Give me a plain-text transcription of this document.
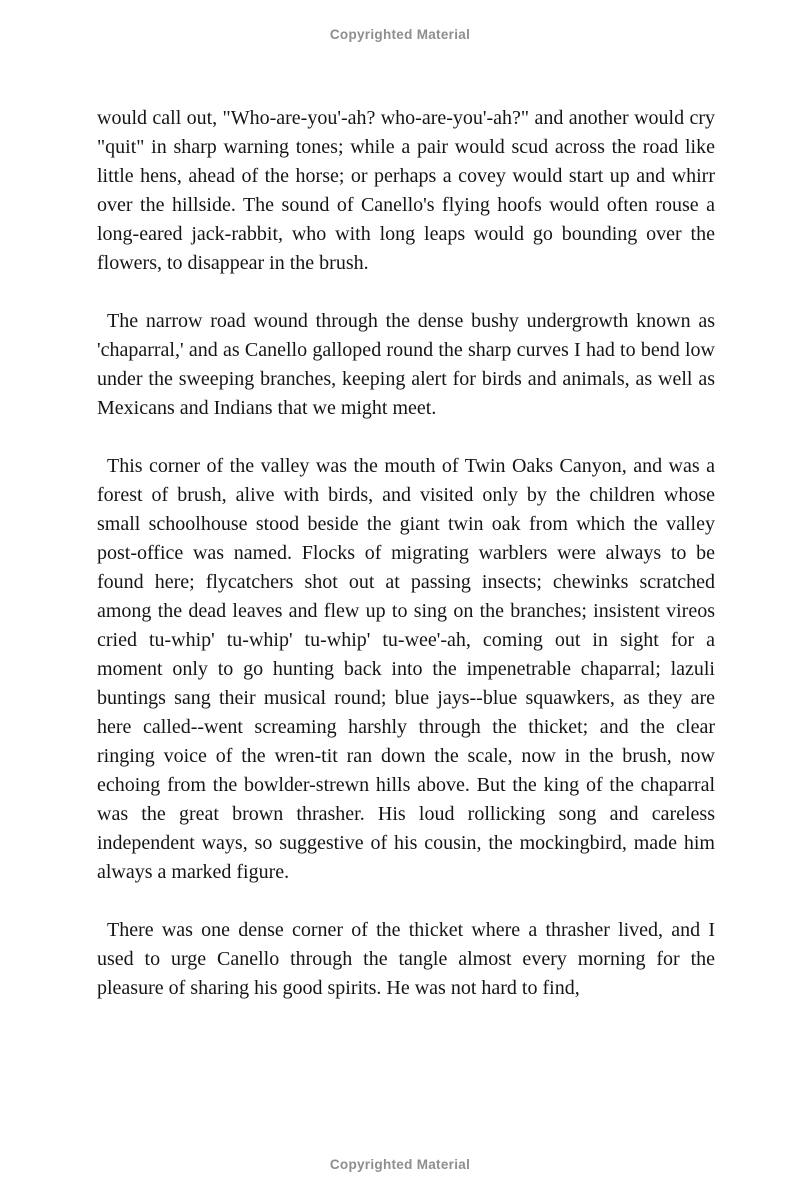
Copyrighted Material

would call out, "Who-are-you'-ah? who-are-you'-ah?" and another would cry "quit" in sharp warning tones; while a pair would scud across the road like little hens, ahead of the horse; or perhaps a covey would start up and whirr over the hillside. The sound of Canello's flying hoofs would often rouse a long-eared jack-rabbit, who with long leaps would go bounding over the flowers, to disappear in the brush.

The narrow road wound through the dense bushy undergrowth known as 'chaparral,' and as Canello galloped round the sharp curves I had to bend low under the sweeping branches, keeping alert for birds and animals, as well as Mexicans and Indians that we might meet.

This corner of the valley was the mouth of Twin Oaks Canyon, and was a forest of brush, alive with birds, and visited only by the children whose small schoolhouse stood beside the giant twin oak from which the valley post-office was named. Flocks of migrating warblers were always to be found here; flycatchers shot out at passing insects; chewinks scratched among the dead leaves and flew up to sing on the branches; insistent vireos cried tu-whip' tu-whip' tu-whip' tu-wee'-ah, coming out in sight for a moment only to go hunting back into the impenetrable chaparral; lazuli buntings sang their musical round; blue jays--blue squawkers, as they are here called--went screaming harshly through the thicket; and the clear ringing voice of the wren-tit ran down the scale, now in the brush, now echoing from the bowlder-strewn hills above. But the king of the chaparral was the great brown thrasher. His loud rollicking song and careless independent ways, so suggestive of his cousin, the mockingbird, made him always a marked figure.

There was one dense corner of the thicket where a thrasher lived, and I used to urge Canello through the tangle almost every morning for the pleasure of sharing his good spirits. He was not hard to find,

Copyrighted Material
